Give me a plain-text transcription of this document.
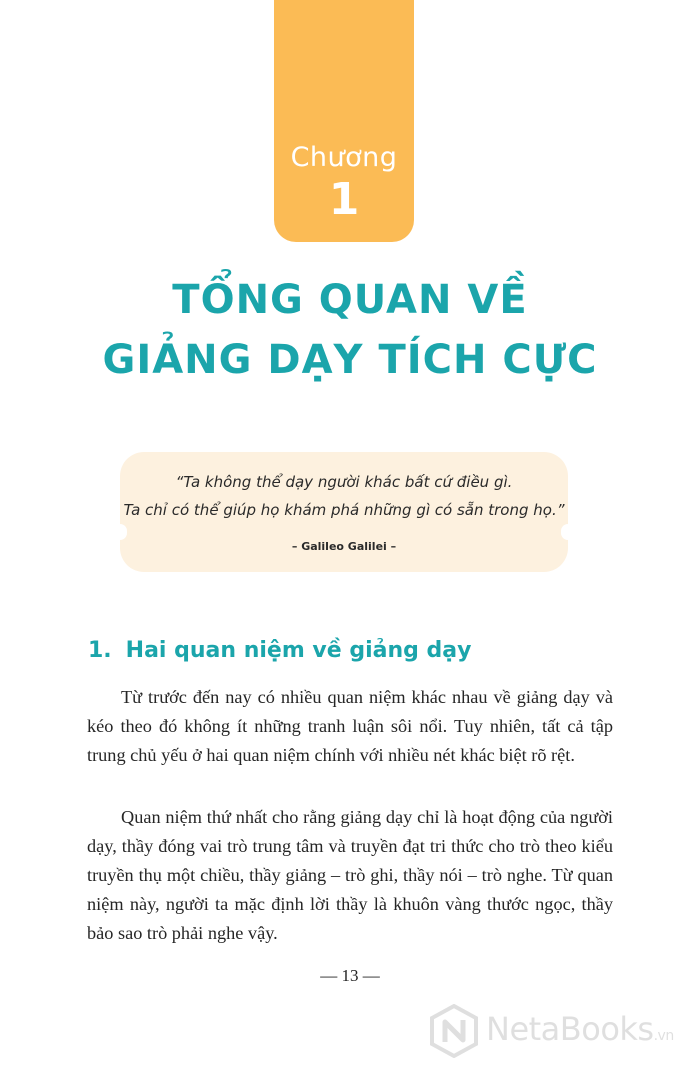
Chương
1
TỔNG QUAN VỀ
GIẢNG DẠY TÍCH CỰC
“Ta không thể dạy người khác bất cứ điều gì.
Ta chỉ có thể giúp họ khám phá những gì có sẵn trong họ.”
– Galileo Galilei –
1. Hai quan niệm về giảng dạy

Từ trước đến nay có nhiều quan niệm khác nhau về giảng dạy và kéo theo đó không ít những tranh luận sôi nổi. Tuy nhiên, tất cả tập trung chủ yếu ở hai quan niệm chính với nhiều nét khác biệt rõ rệt.

Quan niệm thứ nhất cho rằng giảng dạy chỉ là hoạt động của người dạy, thầy đóng vai trò trung tâm và truyền đạt tri thức cho trò theo kiểu truyền thụ một chiều, thầy giảng – trò ghi, thầy nói – trò nghe. Từ quan niệm này, người ta mặc định lời thầy là khuôn vàng thước ngọc, thầy bảo sao trò phải nghe vậy.

— 13 —
NetaBooks.vn
